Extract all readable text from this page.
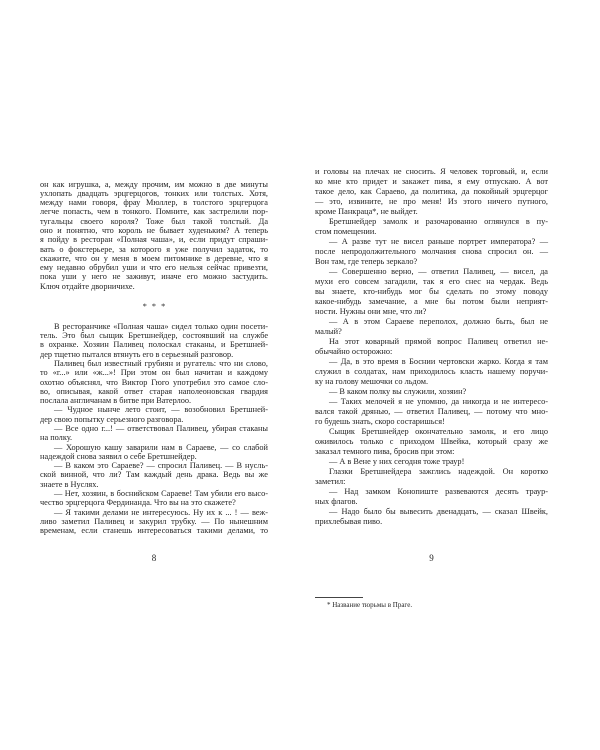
он как игрушка, а, между прочим, им можно в две минуты
ухлопать двадцать эрцгерцогов, тонких или толстых. Хотя,
между нами говоря, фрау Мюллер, в толстого эрцгерцога
легче попасть, чем в тонкого. Помните, как застрелили пор-
тугальцы своего короля? Тоже был такой толстый. Да
оно и понятно, что король не бывает худеньким? А теперь
я пойду в ресторан «Полная чаша», и, если придут спраши-
вать о фокстерьере, за которого я уже получил задаток, то
скажите, что он у меня в моем питомнике в деревне, что я
ему недавно обрубил уши и что его нельзя сейчас привезти,
пока уши у него не заживут, иначе его можно застудить.
Ключ отдайте дворничихе.
* * *
В ресторанчике «Полная чаша» сидел только один посети-
тель. Это был сыщик Бретшнейдер, состоявший на службе
в охранке. Хозяин Паливец полоскал стаканы, и Бретшней-
дер тщетно пытался втянуть его в серьезный разговор.
Паливец был известный грубиян и ругатель: что ни слово,
то «г...» или «ж...»! При этом он был начитан и каждому
охотно объяснял, что Виктор Гюго употребил это самое сло-
во, описывая, какой ответ старая наполеоновская гвардия
послала англичанам в битве при Ватерлоо.
— Чудное нынче лето стоит, — возобновил Бретшней-
дер свою попытку серьезного разговора.
— Все одно г...! — ответствовал Паливец, убирая стаканы
на полку.
— Хорошую кашу заварили нам в Сараеве, — со слабой
надеждой снова заявил о себе Бретшнейдер.
— В каком это Сараеве? — спросил Паливец. — В нусль-
ской винной, что ли? Там каждый день драка. Ведь вы же
знаете в Нуслях.
— Нет, хозяин, в боснийском Сараеве! Там убили его высо-
чество эрцгерцога Фердинанда. Что вы на это скажете?
— Я такими делами не интересуюсь. Ну их к ... ! — веж-
ливо заметил Паливец и закурил трубку. — По нынешним
временам, если станешь интересоваться такими делами, то
8
и головы на плечах не сносить. Я человек торговый, и, если
ко мне кто придет и закажет пива, я ему отпускаю. А вот
такое дело, как Сараево, да политика, да покойный эрцгерцог
— это, извините, не про меня! Из этого ничего путного,
кроме Панкраца*, не выйдет.
Бретшнейдер замолк и разочарованно оглянулся в пу-
стом помещении.
— А разве тут не висел раньше портрет императора? —
после непродолжительного молчания снова спросил он. —
Вон там, где теперь зеркало?
— Совершенно верно, — ответил Паливец, — висел, да
мухи его совсем загадили, так я его снес на чердак. Ведь
вы знаете, кто-нибудь мог бы сделать по этому поводу
какое-нибудь замечание, а мне бы потом были неприят-
ности. Нужны они мне, что ли?
— А в этом Сараеве переполох, должно быть, был не
малый?
На этот коварный прямой вопрос Паливец ответил не-
обычайно осторожно:
— Да, в это время в Боснии чертовски жарко. Когда я там
служил в солдатах, нам приходилось класть нашему поручи-
ку на голову мешочки со льдом.
— В каком полку вы служили, хозяин?
— Таких мелочей я не упомню, да никогда и не интересо-
вался такой дрянью, — ответил Паливец, — потому что мно-
го будешь знать, скоро состаришься!
Сыщик Бретшнейдер окончательно замолк, и его лицо
оживилось только с приходом Швейка, который сразу же
заказал темного пива, бросив при этом:
— А в Вене у них сегодня тоже траур!
Глазки Бретшнейдера зажглись надеждой. Он коротко
заметил:
— Над замком Конопиште развеваются десять траур-
ных флагов.
— Надо было бы вывесить двенадцать, — сказал Швейк,
прихлебывая пиво.
9
* Название тюрьмы в Праге.
